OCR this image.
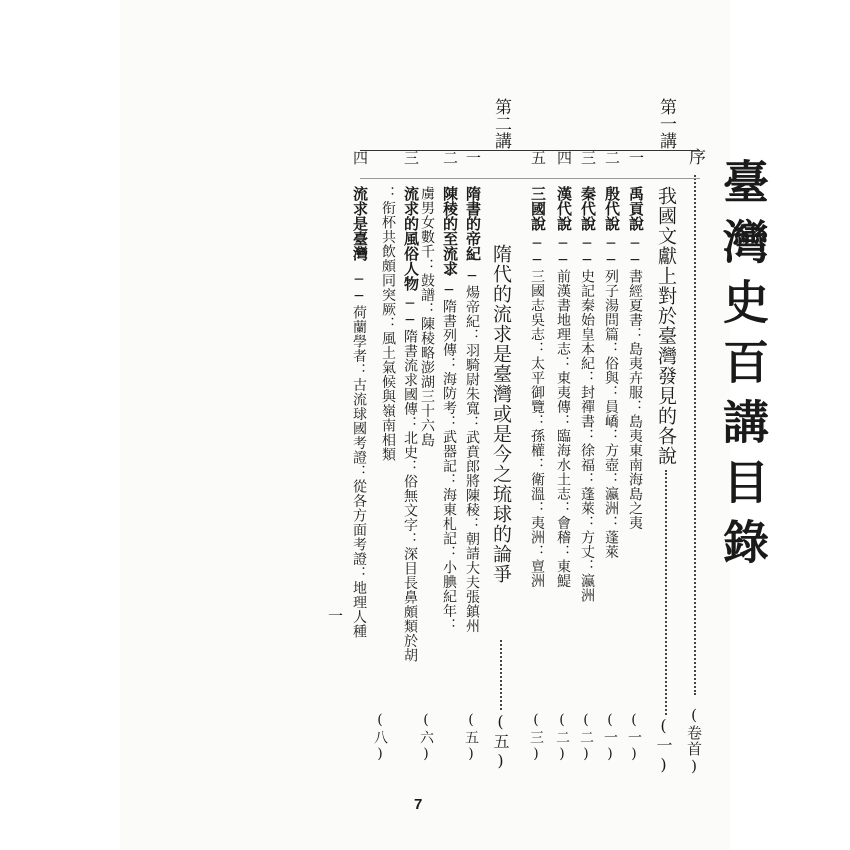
臺灣史百講目錄
序
(卷首)
第一講
我國文獻上對於臺灣發見的各說
(一)
一
禹貢說
──書經夏書：島夷卉服：島夷東南海島之夷
(一)
二
殷代說
──列子湯問篇：俗與：員嶠：方壺：瀛洲：蓬萊
(一)
三
秦代說
──史記秦始皇本紀：封禪書：徐福：蓬萊：方丈：瀛洲
(二)
四
漢代說
──前漢書地理志：東夷傳：臨海水土志：會稽：東鯷
(二)
五
三國說
──三國志吳志：太平御覽：孫權：衛溫：夷洲：亶洲
(三)
第二講
隋代的流求是臺灣或是今之琉球的論爭
(五)
一
隋書的帝紀
──煬帝紀：羽騎尉朱寬：武賁郎將陳稜：朝請大夫張鎮州
(五)
二
陳稜的至流求
──隋書列傳：海防考：武器記：海東札記：小腆紀年：
虜男女數千：鼓譜：陳稜略澎湖三十六島
(六)
三
流求的風俗人物
──隋書流求國傳：北史：俗無文字：深目長鼻頗類於胡
：衔杯共飲頗同突厥：風土氣候與嶺南相類
(八)
四
流求是臺灣
──荷蘭學者：古流球國考證：從各方面考證：地理人種
一
7
